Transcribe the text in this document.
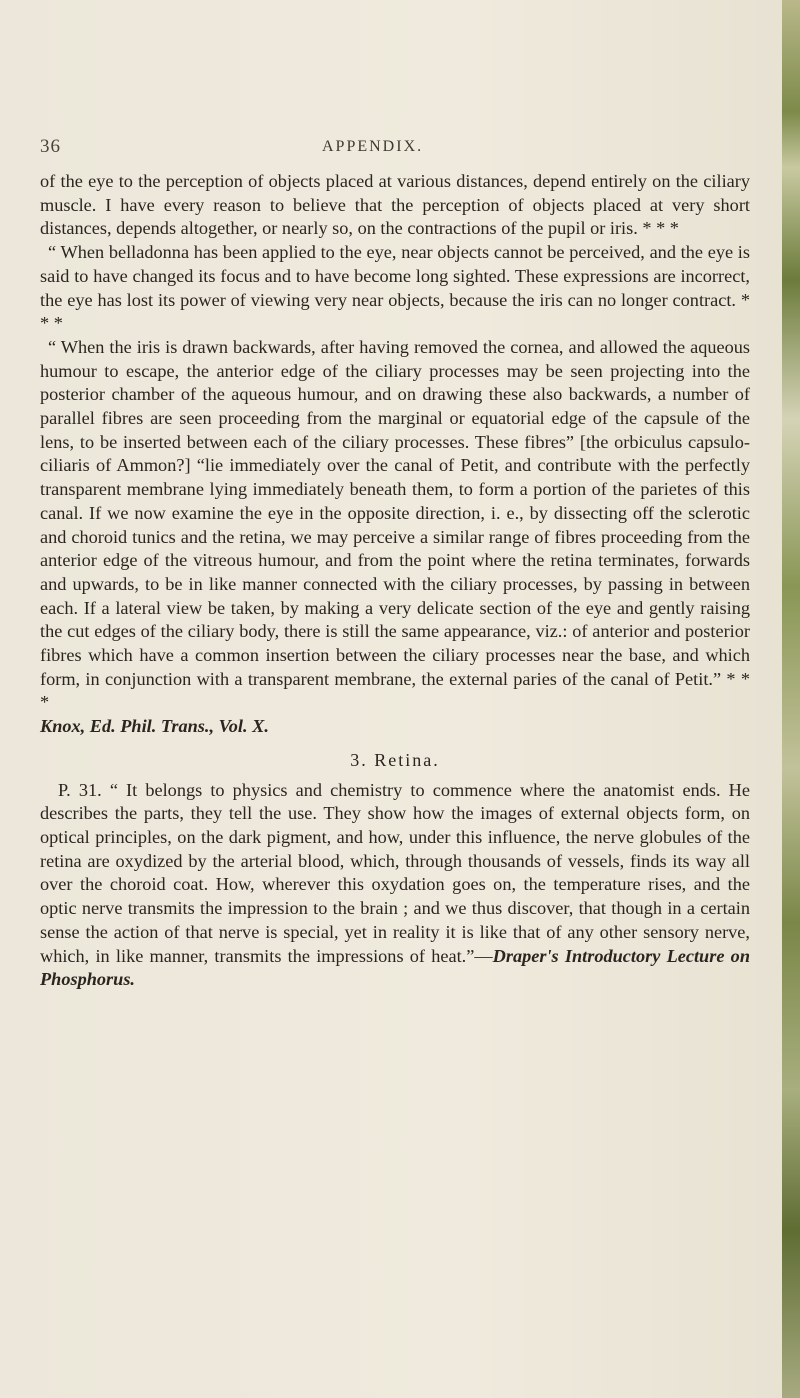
36	APPENDIX.

of the eye to the perception of objects placed at various distances, depend entirely on the ciliary muscle. I have every reason to believe that the perception of objects placed at very short distances, depends altogether, or nearly so, on the contractions of the pupil or iris. * * *

“ When belladonna has been applied to the eye, near objects cannot be perceived, and the eye is said to have changed its focus and to have become long sighted. These expressions are incorrect, the eye has lost its power of viewing very near objects, because the iris can no longer contract. * * *

“ When the iris is drawn backwards, after having removed the cornea, and allowed the aqueous humour to escape, the anterior edge of the ciliary processes may be seen projecting into the posterior chamber of the aqueous humour, and on drawing these also backwards, a number of parallel fibres are seen proceeding from the marginal or equatorial edge of the capsule of the lens, to be inserted between each of the ciliary processes. These fibres” [the orbiculus capsulo-ciliaris of Ammon?] “lie immediately over the canal of Petit, and contribute with the perfectly transparent membrane lying immediately beneath them, to form a portion of the parietes of this canal. If we now examine the eye in the opposite direction, i. e., by dissecting off the sclerotic and choroid tunics and the retina, we may perceive a similar range of fibres proceeding from the anterior edge of the vitreous humour, and from the point where the retina terminates, forwards and upwards, to be in like manner connected with the ciliary processes, by passing in between each. If a lateral view be taken, by making a very delicate section of the eye and gently raising the cut edges of the ciliary body, there is still the same appearance, viz.: of anterior and posterior fibres which have a common insertion between the ciliary processes near the base, and which form, in conjunction with a transparent membrane, the external paries of the canal of Petit.” * * *
Knox, Ed. Phil. Trans., Vol. X.

3. Retina.

P. 31. “ It belongs to physics and chemistry to commence where the anatomist ends. He describes the parts, they tell the use. They show how the images of external objects form, on optical principles, on the dark pigment, and how, under this influence, the nerve globules of the retina are oxydized by the arterial blood, which, through thousands of vessels, finds its way all over the choroid coat. How, wherever this oxydation goes on, the temperature rises, and the optic nerve transmits the impression to the brain ; and we thus discover, that though in a certain sense the action of that nerve is special, yet in reality it is like that of any other sensory nerve, which, in like manner, transmits the impressions of heat.”—Draper's Introductory Lecture on Phosphorus.
